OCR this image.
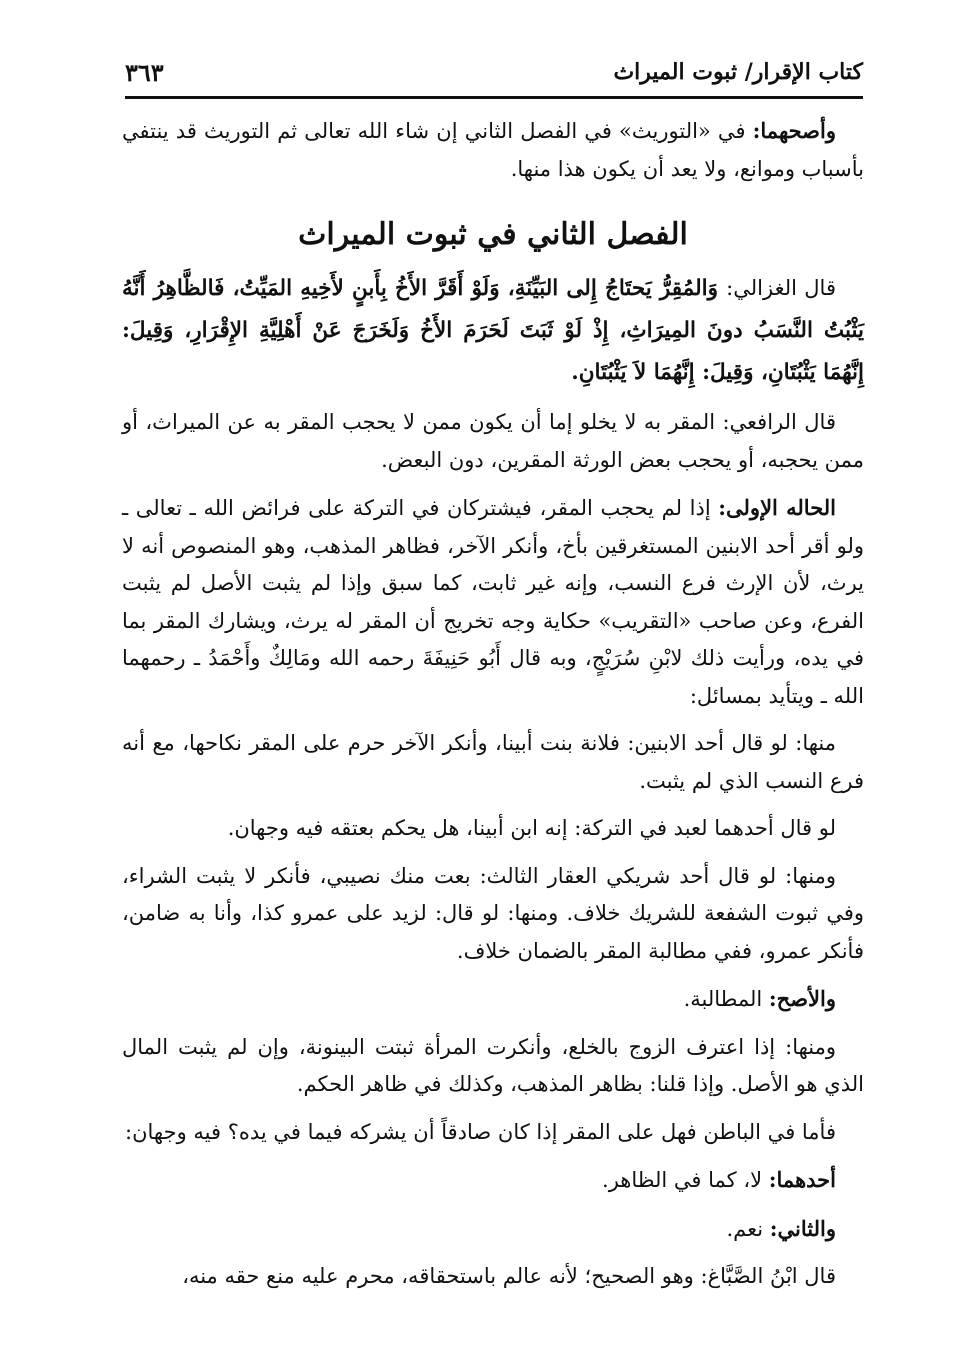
كتاب الإقرار/ ثبوت الميراث
٣٦٣

وأصحهما: في «التوريث» في الفصل الثاني إن شاء الله تعالى ثم التوريث قد ينتفي بأسباب وموانع، ولا يعد أن يكون هذا منها.

الفصل الثاني في ثبوت الميراث

قال الغزالي: وَالمُقِرُّ يَحتَاجُ إِلى البَيِّنَةِ، وَلَوْ أَقَرَّ الأَخُ بِأَبنٍ لأَخِيهِ المَيِّتُ، فَالظَّاهِرُ أَنَّهُ يَثْبُتُ النَّسَبُ دونَ المِيرَاثِ، إِذْ لَوْ ثَبَتَ لَحَرَمَ الأَخُ وَلَخَرَجَ عَنْ أَهْلِيَّةِ الإِقْرَارِ، وَقِيلَ: إِنَّهُمَا يَثْبُتَانِ، وَقِيلَ: إِنَّهُمَا لاَ يَثْبُتَانِ.

قال الرافعي: المقر به لا يخلو إما أن يكون ممن لا يحجب المقر به عن الميراث، أو ممن يحجبه، أو يحجب بعض الورثة المقرين، دون البعض.

الحاله الإولى: إذا لم يحجب المقر، فيشتركان في التركة على فرائض الله ـ تعالى ـ ولو أقر أحد الابنين المستغرقين بأخ، وأنكر الآخر، فظاهر المذهب، وهو المنصوص أنه لا يرث، لأن الإرث فرع النسب، وإنه غير ثابت، كما سبق وإذا لم يثبت الأصل لم يثبت الفرع، وعن صاحب «التقريب» حكاية وجه تخريج أن المقر له يرث، ويشارك المقر بما في يده، ورأيت ذلك لابْنِ سُرَيْجٍ، وبه قال أَبُو حَنِيفَةَ رحمه الله ومَالِكٌ وأَحْمَدُ ـ رحمهما الله ـ ويتأيد بمسائل:

منها: لو قال أحد الابنين: فلانة بنت أبينا، وأنكر الآخر حرم على المقر نكاحها، مع أنه فرع النسب الذي لم يثبت.

لو قال أحدهما لعبد في التركة: إنه ابن أبينا، هل يحكم بعتقه فيه وجهان.

ومنها: لو قال أحد شريكي العقار الثالث: بعت منك نصيبي، فأنكر لا يثبت الشراء، وفي ثبوت الشفعة للشريك خلاف. ومنها: لو قال: لزيد على عمرو كذا، وأنا به ضامن، فأنكر عمرو، ففي مطالبة المقر بالضمان خلاف.

والأصح: المطالبة.

ومنها: إذا اعترف الزوج بالخلع، وأنكرت المرأة ثبتت البينونة، وإن لم يثبت المال الذي هو الأصل. وإذا قلنا: بظاهر المذهب، وكذلك في ظاهر الحكم.

فأما في الباطن فهل على المقر إذا كان صادقاً أن يشركه فيما في يده؟ فيه وجهان:

أحدهما: لا، كما في الظاهر.

والثاني: نعم.

قال ابْنُ الصَّبَّاغ: وهو الصحيح؛ لأنه عالم باستحقاقه، محرم عليه منع حقه منه،
